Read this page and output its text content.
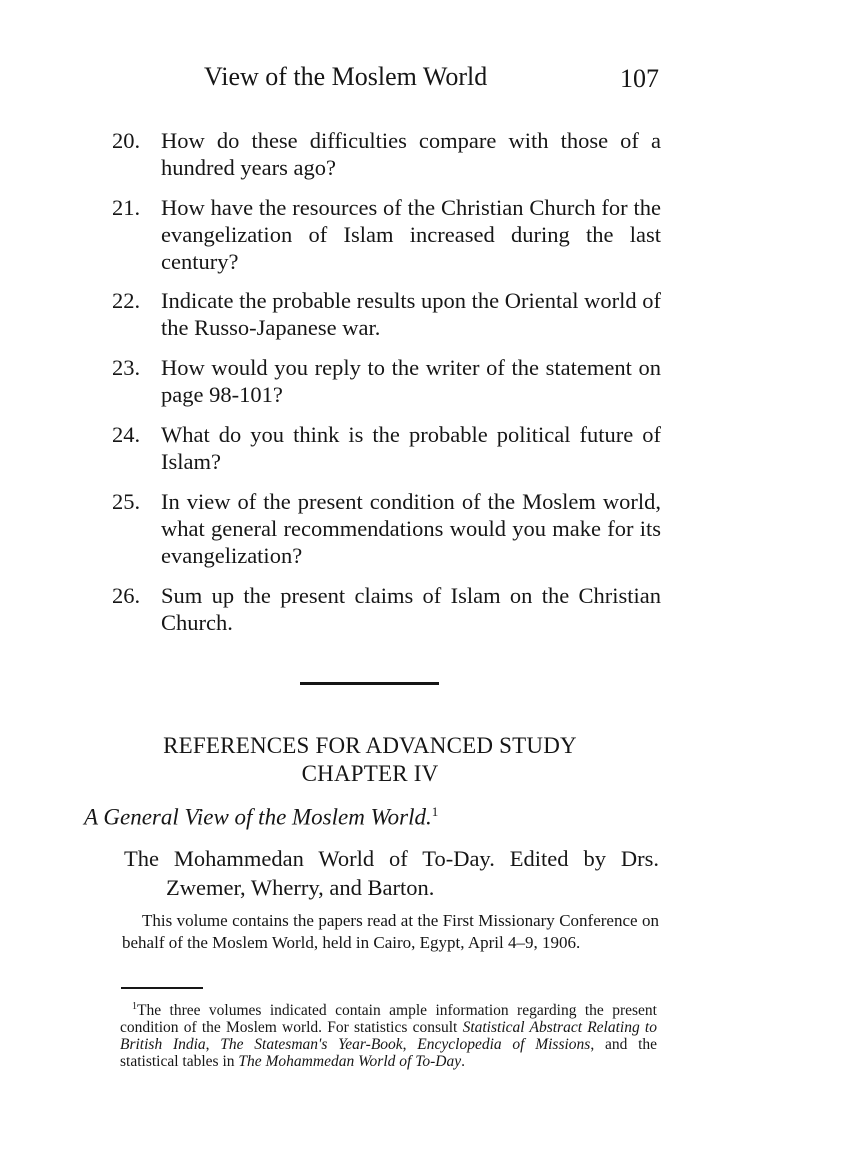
View of the Moslem World	107
20. How do these difficulties compare with those of a hundred years ago?
21. How have the resources of the Christian Church for the evangelization of Islam increased during the last century?
22. Indicate the probable results upon the Oriental world of the Russo-Japanese war.
23. How would you reply to the writer of the statement on page 98-101?
24. What do you think is the probable political future of Islam?
25. In view of the present condition of the Moslem world, what general recommendations would you make for its evangelization?
26. Sum up the present claims of Islam on the Christian Church.
REFERENCES FOR ADVANCED STUDY
CHAPTER IV
A General View of the Moslem World.$^1$
The Mohammedan World of To-Day. Edited by Drs. Zwemer, Wherry, and Barton.
This volume contains the papers read at the First Missionary Conference on behalf of the Moslem World, held in Cairo, Egypt, April 4–9, 1906.
$^1$The three volumes indicated contain ample information regarding the present condition of the Moslem world. For statistics consult Statistical Abstract Relating to British India, The Statesman's Year-Book, Encyclopedia of Missions, and the statistical tables in The Mohammedan World of To-Day.
